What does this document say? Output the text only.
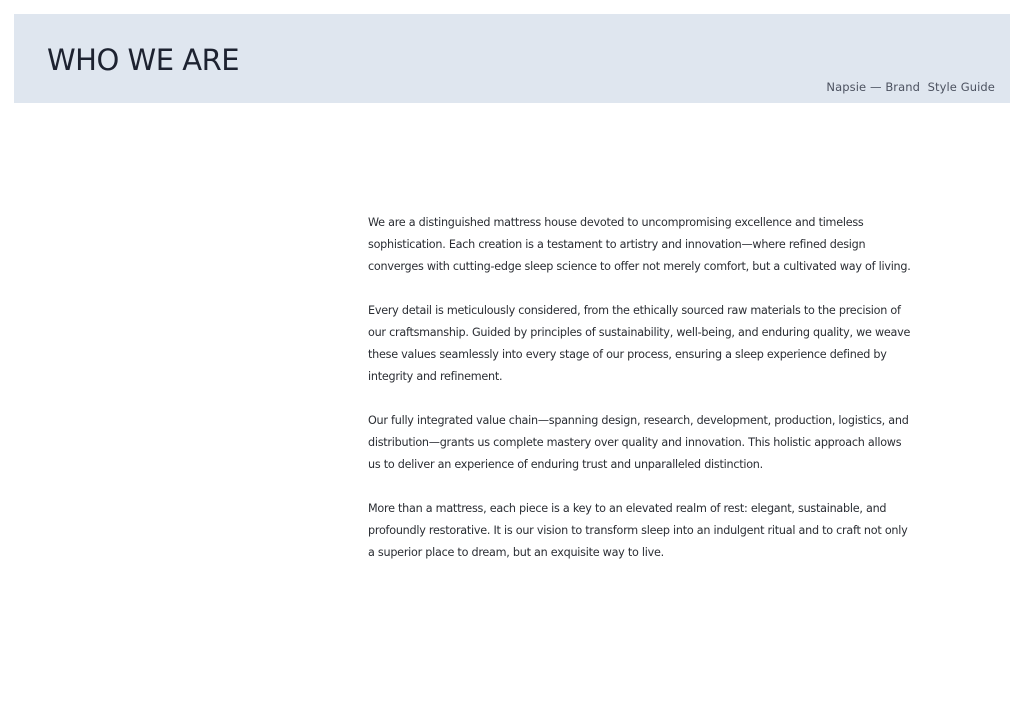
WHO WE ARE
Napsie — Brand  Style Guide

We are a distinguished mattress house devoted to uncompromising excellence and timeless sophistication. Each creation is a testament to artistry and innovation—where refined design converges with cutting-edge sleep science to offer not merely comfort, but a cultivated way of living.

Every detail is meticulously considered, from the ethically sourced raw materials to the precision of our craftsmanship. Guided by principles of sustainability, well-being, and enduring quality, we weave these values seamlessly into every stage of our process, ensuring a sleep experience defined by integrity and refinement.

Our fully integrated value chain—spanning design, research, development, production, logistics, and distribution—grants us complete mastery over quality and innovation. This holistic approach allows us to deliver an experience of enduring trust and unparalleled distinction.

More than a mattress, each piece is a key to an elevated realm of rest: elegant, sustainable, and profoundly restorative. It is our vision to transform sleep into an indulgent ritual and to craft not only a superior place to dream, but an exquisite way to live.
